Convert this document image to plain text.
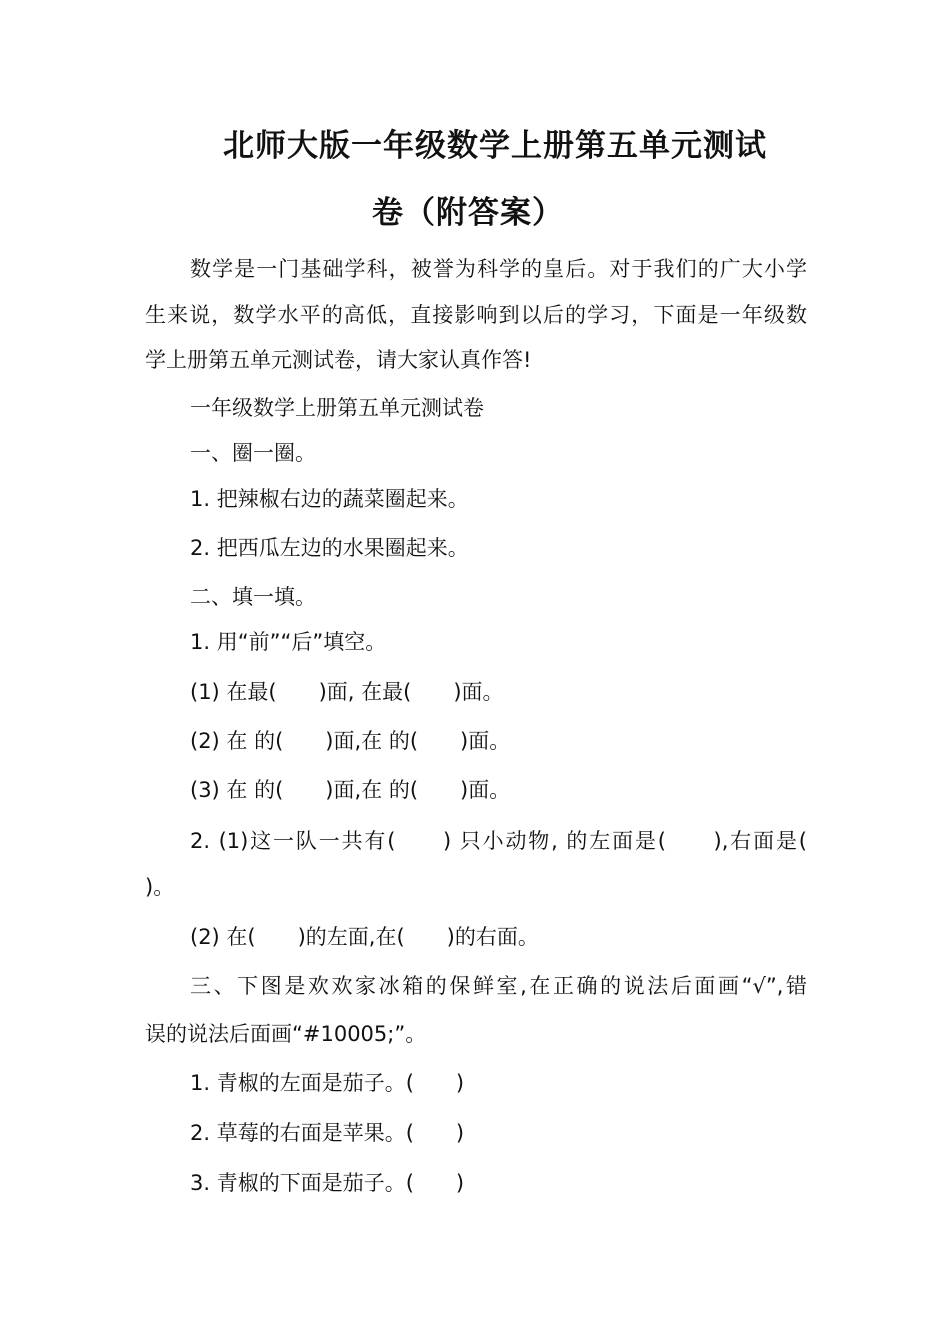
北师大版一年级数学上册第五单元测试
卷（附答案）
数学是一门基础学科，被誉为科学的皇后。对于我们的广大小学
生来说，数学水平的高低，直接影响到以后的学习，下面是一年级数
学上册第五单元测试卷，请大家认真作答!
一年级数学上册第五单元测试卷
一、圈一圈。
1. 把辣椒右边的蔬菜圈起来。
2. 把西瓜左边的水果圈起来。
二、填一填。
1. 用“前”“后”填空。
(1) 在最(　　)面, 在最(　　)面。
(2) 在 的(　　)面,在 的(　　)面。
(3) 在 的(　　)面,在 的(　　)面。
2. (1)这一队一共有(　　) 只小动物, 的左面是(　　),右面是(
)。
(2) 在(　　)的左面,在(　　)的右面。
三、下图是欢欢家冰箱的保鲜室,在正确的说法后面画“√”,错
误的说法后面画“#10005;”。
1. 青椒的左面是茄子。(　　)
2. 草莓的右面是苹果。(　　)
3. 青椒的下面是茄子。(　　)
